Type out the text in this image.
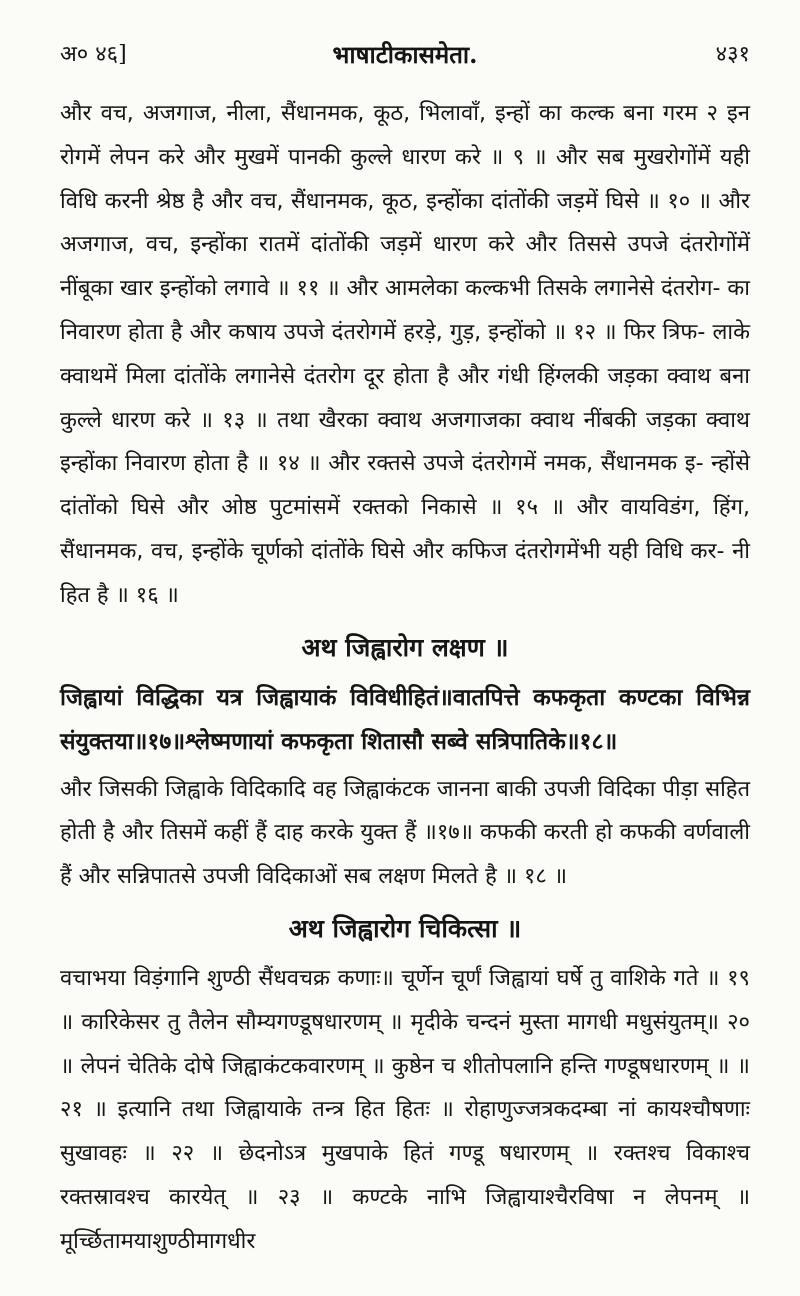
अ० ४६]	भाषाटीकासमेता.	४३१

और वच, अजगाज, नीला, सैंधानमक, कूठ, भिलावाँ, इन्हों का कल्क बना गरम २ इन रोगमें लेपन करे और मुखमें पानकी कुल्ले धारण करे ॥ ९ ॥ और सब मुखरोगोंमें यही विधि करनी श्रेष्ठ है और वच, सैंधानमक, कूठ, इन्होंका दांतोंकी जड़में घिसे ॥ १० ॥ और अजगाज, वच, इन्होंका रातमें दांतोंकी जड़में धारण करे और तिससे उपजे दंतरोगोंमें नींबूका खार इन्होंको लगावे ॥ ११ ॥ और आमलेका कल्कभी तिसके लगानेसे दंतरोग- का निवारण होता है और कषाय उपजे दंतरोगमें हरड़े, गुड़, इन्होंको ॥ १२ ॥ फिर त्रिफ- लाके क्वाथमें मिला दांतोंके लगानेसे दंतरोग दूर होता है और गंधी हिंग्लकी जड़का क्वाथ बना कुल्ले धारण करे ॥ १३ ॥ तथा खैरका क्वाथ अजगाजका क्वाथ नींबकी जड़का क्वाथ इन्होंका निवारण होता है ॥ १४ ॥ और रक्तसे उपजे दंतरोगमें नमक, सैंधानमक इ- न्होंसे दांतोंको घिसे और ओष्ठ पुटमांसमें रक्तको निकासे ॥ १५ ॥ और वायविडंग, हिंग, सैंधानमक, वच, इन्होंके चूर्णको दांतोंके घिसे और कफिज दंतरोगमेंभी यही विधि कर- नी हित है ॥ १६ ॥

अथ जिह्वारोग लक्षण ॥

जिह्वायां विद्धिका यत्र जिह्वायाकं विविधीहितं॥वातपित्ते कफकृता कण्टका विभिन्न संयुक्तया॥१७॥श्लेष्मणायां कफकृता शितासौ सब्वे सत्रिपातिके॥१८॥

और जिसकी जिह्वाके विदिकादि वह जिह्वाकंटक जानना बाकी उपजी विदिका पीड़ा सहित होती है और तिसमें कहीं हैं दाह करके युक्त हैं ॥१७॥ कफकी करती हो कफकी वर्णवाली हैं और सन्निपातसे उपजी विदिकाओं सब लक्षण मिलते है ॥ १८ ॥

अथ जिह्वारोग चिकित्सा ॥

वचाभया विड़ंगानि शुण्ठी सैंधवचक्र कणाः॥ चूर्णेन चूर्णं जिह्वायां घर्षे तु वाशिके गते ॥ १९ ॥ कारिकेसर तु तैलेन सौम्यगण्डूषधारणम् ॥ मृदीके चन्दनं मुस्ता मागधी मधुसंयुतम्॥ २० ॥ लेपनं चेतिके दोषे जिह्वाकंटकवारणम् ॥ कुष्ठेन च शीतोपलानि हन्ति गण्डूषधारणम् ॥ ॥ २१ ॥ इत्यानि तथा जिह्वायाके तन्त्र हित हितः ॥ रोहाणुज्जत्रकदम्बा नां कायश्चौषणाः सुखावहः ॥ २२ ॥ छेदनोऽत्र मुखपाके हितं गण्डू षधारणम् ॥ रक्तश्च विकाश्च रक्तस्रावश्च कारयेत् ॥ २३ ॥ कण्टके नाभि जिह्वायाश्चैरविषा न लेपनम् ॥ मूर्च्छितामयाशुण्ठीमागधीर
